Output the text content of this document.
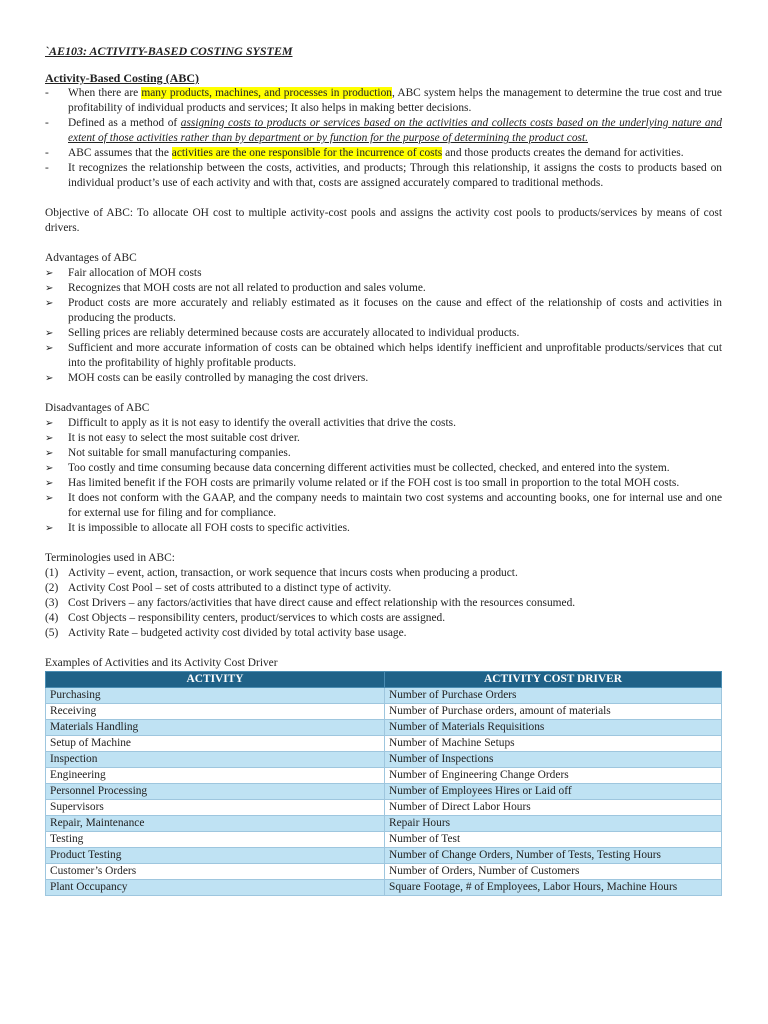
`AE103: ACTIVITY-BASED COSTING SYSTEM

Activity-Based Costing (ABC)

- When there are many products, machines, and processes in production, ABC system helps the management to determine the true cost and true profitability of individual products and services; It also helps in making better decisions.
- Defined as a method of assigning costs to products or services based on the activities and collects costs based on the underlying nature and extent of those activities rather than by department or by function for the purpose of determining the product cost.
- ABC assumes that the activities are the one responsible for the incurrence of costs and those products creates the demand for activities.
- It recognizes the relationship between the costs, activities, and products; Through this relationship, it assigns the costs to products based on individual product’s use of each activity and with that, costs are assigned accurately compared to traditional methods.

Objective of ABC: To allocate OH cost to multiple activity-cost pools and assigns the activity cost pools to products/services by means of cost drivers.

Advantages of ABC

➢ Fair allocation of MOH costs
➢ Recognizes that MOH costs are not all related to production and sales volume.
➢ Product costs are more accurately and reliably estimated as it focuses on the cause and effect of the relationship of costs and activities in producing the products.
➢ Selling prices are reliably determined because costs are accurately allocated to individual products.
➢ Sufficient and more accurate information of costs can be obtained which helps identify inefficient and unprofitable products/services that cut into the profitability of highly profitable products.
➢ MOH costs can be easily controlled by managing the cost drivers.

Disadvantages of ABC

➢ Difficult to apply as it is not easy to identify the overall activities that drive the costs.
➢ It is not easy to select the most suitable cost driver.
➢ Not suitable for small manufacturing companies.
➢ Too costly and time consuming because data concerning different activities must be collected, checked, and entered into the system.
➢ Has limited benefit if the FOH costs are primarily volume related or if the FOH cost is too small in proportion to the total MOH costs.
➢ It does not conform with the GAAP, and the company needs to maintain two cost systems and accounting books, one for internal use and one for external use for filing and for compliance.
➢ It is impossible to allocate all FOH costs to specific activities.

Terminologies used in ABC:

(1) Activity – event, action, transaction, or work sequence that incurs costs when producing a product.
(2) Activity Cost Pool – set of costs attributed to a distinct type of activity.
(3) Cost Drivers – any factors/activities that have direct cause and effect relationship with the resources consumed.
(4) Cost Objects – responsibility centers, product/services to which costs are assigned.
(5) Activity Rate – budgeted activity cost divided by total activity base usage.

Examples of Activities and its Activity Cost Driver

ACTIVITY	ACTIVITY COST DRIVER
Purchasing	Number of Purchase Orders
Receiving	Number of Purchase orders, amount of materials
Materials Handling	Number of Materials Requisitions
Setup of Machine	Number of Machine Setups
Inspection	Number of Inspections
Engineering	Number of Engineering Change Orders
Personnel Processing	Number of Employees Hires or Laid off
Supervisors	Number of Direct Labor Hours
Repair, Maintenance	Repair Hours
Testing	Number of Test
Product Testing	Number of Change Orders, Number of Tests, Testing Hours
Customer’s Orders	Number of Orders, Number of Customers
Plant Occupancy	Square Footage, # of Employees, Labor Hours, Machine Hours
